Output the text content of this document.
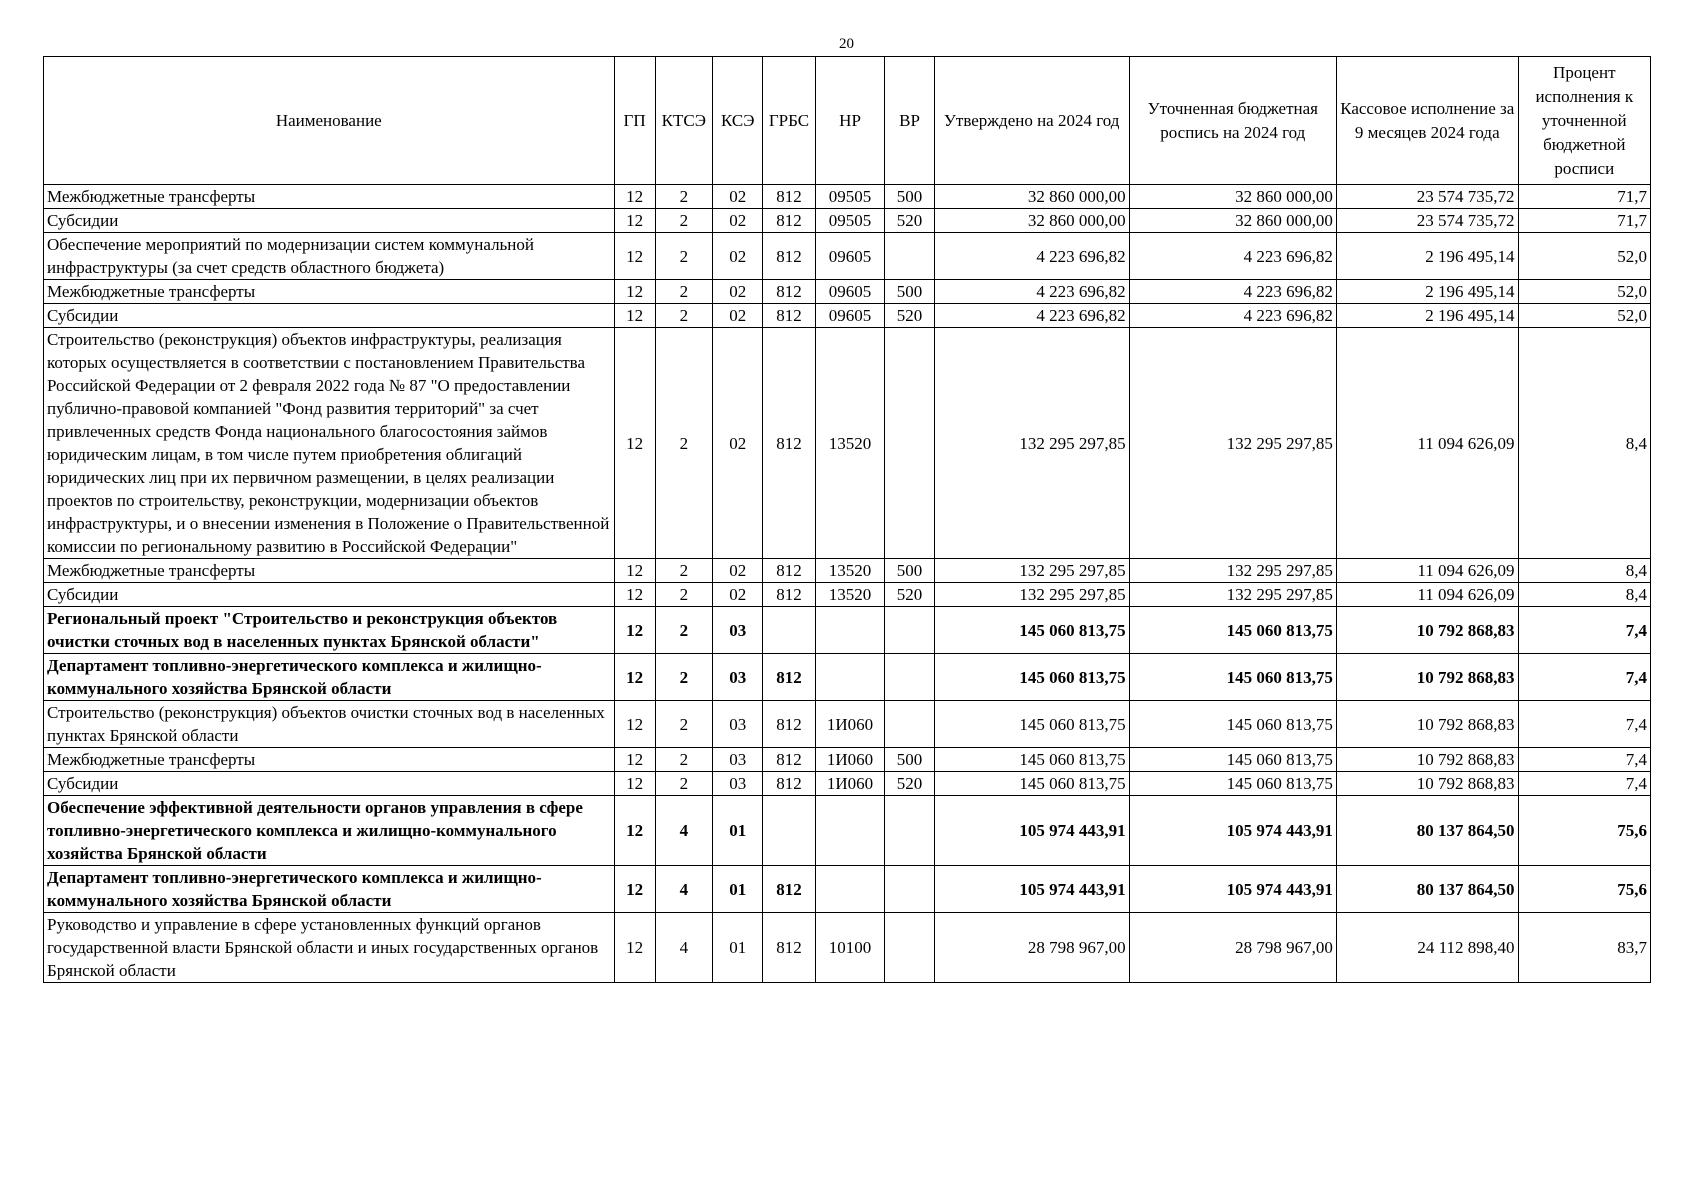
20
Наименование	ГП	КТСЭ	КСЭ	ГРБС	НР	ВР	Утверждено на 2024 год	Уточненная бюджетная роспись на 2024 год	Кассовое исполнение за 9 месяцев 2024 года	Процент исполнения к уточненной бюджетной росписи
Межбюджетные трансферты	12	2	02	812	09505	500	32 860 000,00	32 860 000,00	23 574 735,72	71,7
Субсидии	12	2	02	812	09505	520	32 860 000,00	32 860 000,00	23 574 735,72	71,7
Обеспечение мероприятий по модернизации систем коммунальной инфраструктуры (за счет средств областного бюджета)	12	2	02	812	09605		4 223 696,82	4 223 696,82	2 196 495,14	52,0
Межбюджетные трансферты	12	2	02	812	09605	500	4 223 696,82	4 223 696,82	2 196 495,14	52,0
Субсидии	12	2	02	812	09605	520	4 223 696,82	4 223 696,82	2 196 495,14	52,0
Строительство (реконструкция) объектов инфраструктуры, реализация которых осуществляется в соответствии с постановлением Правительства Российской Федерации от 2 февраля 2022 года № 87 "О предоставлении публично-правовой компанией "Фонд развития территорий" за счет привлеченных средств Фонда национального благосостояния займов юридическим лицам, в том числе путем приобретения облигаций юридических лиц при их первичном размещении, в целях реализации проектов по строительству, реконструкции, модернизации объектов инфраструктуры, и о внесении изменения в Положение о Правительственной комиссии по региональному развитию в Российской Федерации"	12	2	02	812	13520		132 295 297,85	132 295 297,85	11 094 626,09	8,4
Межбюджетные трансферты	12	2	02	812	13520	500	132 295 297,85	132 295 297,85	11 094 626,09	8,4
Субсидии	12	2	02	812	13520	520	132 295 297,85	132 295 297,85	11 094 626,09	8,4
Региональный проект "Строительство и реконструкция объектов очистки сточных вод в населенных пунктах Брянской области"	12	2	03				145 060 813,75	145 060 813,75	10 792 868,83	7,4
Департамент топливно-энергетического комплекса и жилищно-коммунального хозяйства Брянской области	12	2	03	812			145 060 813,75	145 060 813,75	10 792 868,83	7,4
Строительство (реконструкция) объектов очистки сточных вод в населенных пунктах Брянской области	12	2	03	812	1И060		145 060 813,75	145 060 813,75	10 792 868,83	7,4
Межбюджетные трансферты	12	2	03	812	1И060	500	145 060 813,75	145 060 813,75	10 792 868,83	7,4
Субсидии	12	2	03	812	1И060	520	145 060 813,75	145 060 813,75	10 792 868,83	7,4
Обеспечение эффективной деятельности органов управления в сфере топливно-энергетического комплекса и жилищно-коммунального хозяйства Брянской области	12	4	01				105 974 443,91	105 974 443,91	80 137 864,50	75,6
Департамент топливно-энергетического комплекса и жилищно-коммунального хозяйства Брянской области	12	4	01	812			105 974 443,91	105 974 443,91	80 137 864,50	75,6
Руководство и управление в сфере установленных функций органов государственной власти Брянской области и иных государственных органов Брянской области	12	4	01	812	10100		28 798 967,00	28 798 967,00	24 112 898,40	83,7
